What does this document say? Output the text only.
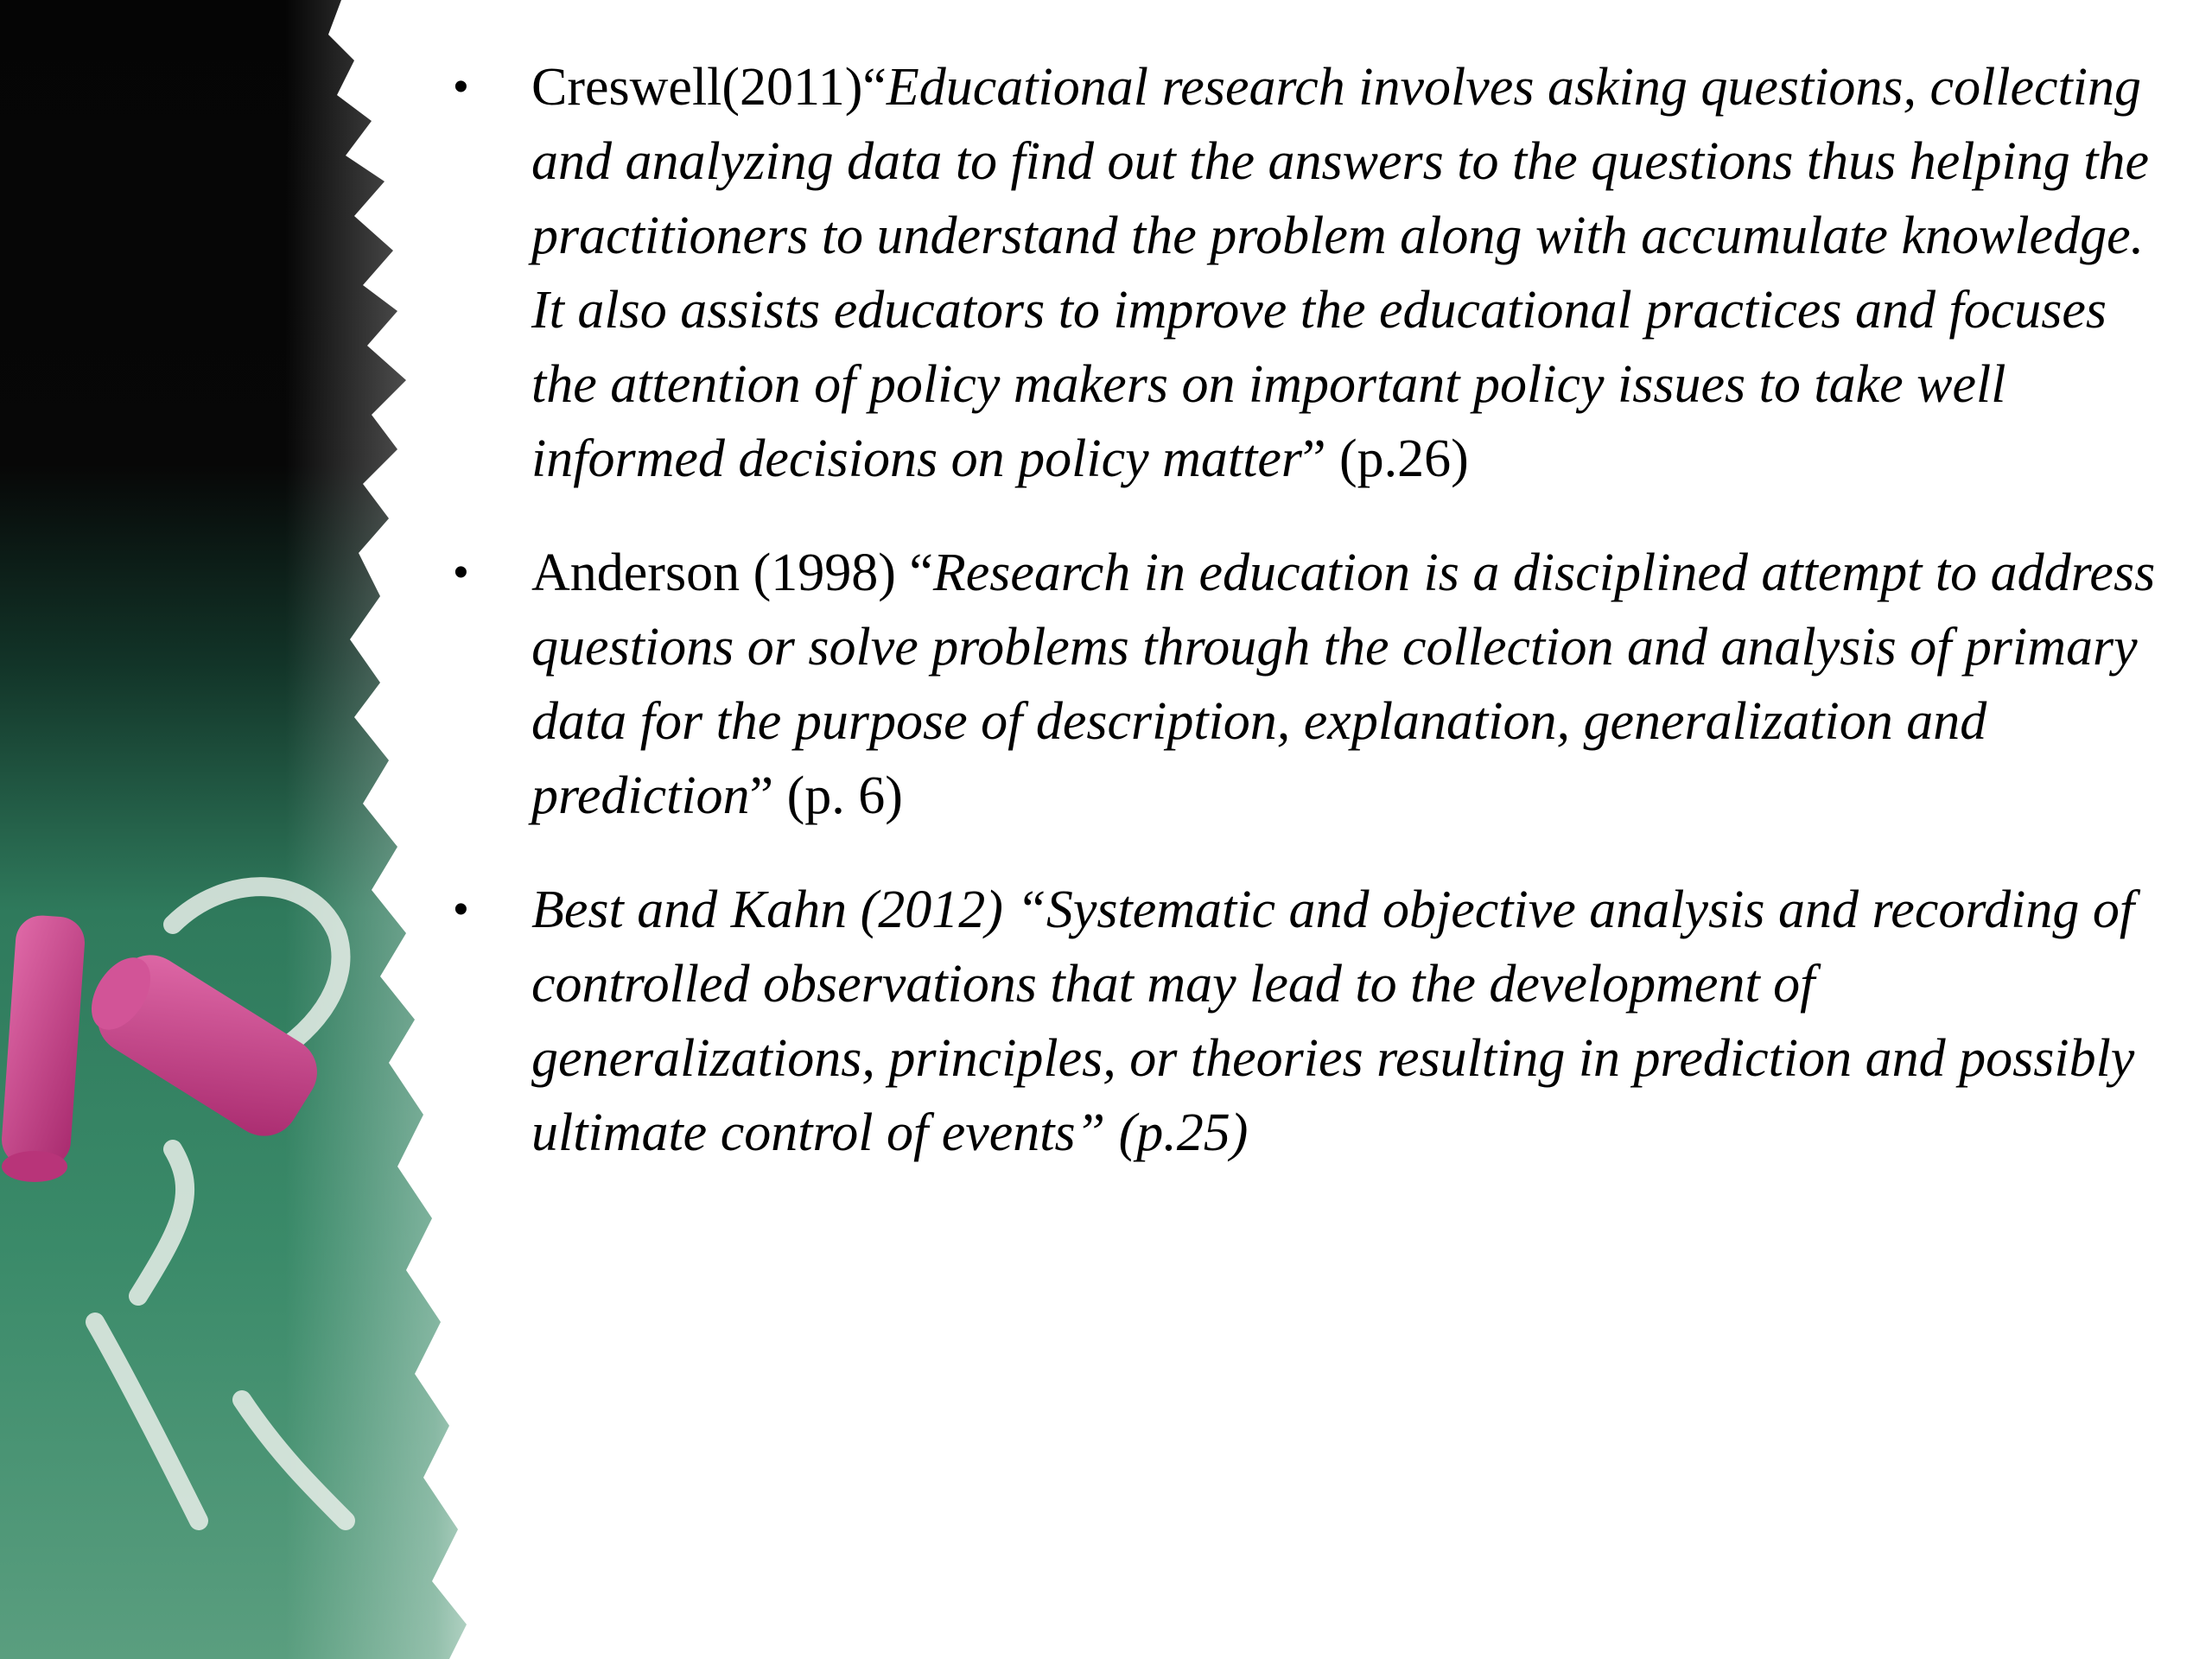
• Creswell(2011)“Educational research involves asking questions, collecting and analyzing data to find out the answers to the questions thus helping the practitioners to understand the problem along with accumulate knowledge. It also assists educators to improve the educational practices and focuses the attention of policy makers on important policy issues to take well informed decisions on policy matter” (p.26)
• Anderson (1998) “Research in education is a disciplined attempt to address questions or solve problems through the collection and analysis of primary data for the purpose of description, explanation, generalization and prediction” (p. 6)
• Best and Kahn (2012) “Systematic and objective analysis and recording of controlled observations that may lead to the development of generalizations, principles, or theories resulting in prediction and possibly ultimate control of events” (p.25)
